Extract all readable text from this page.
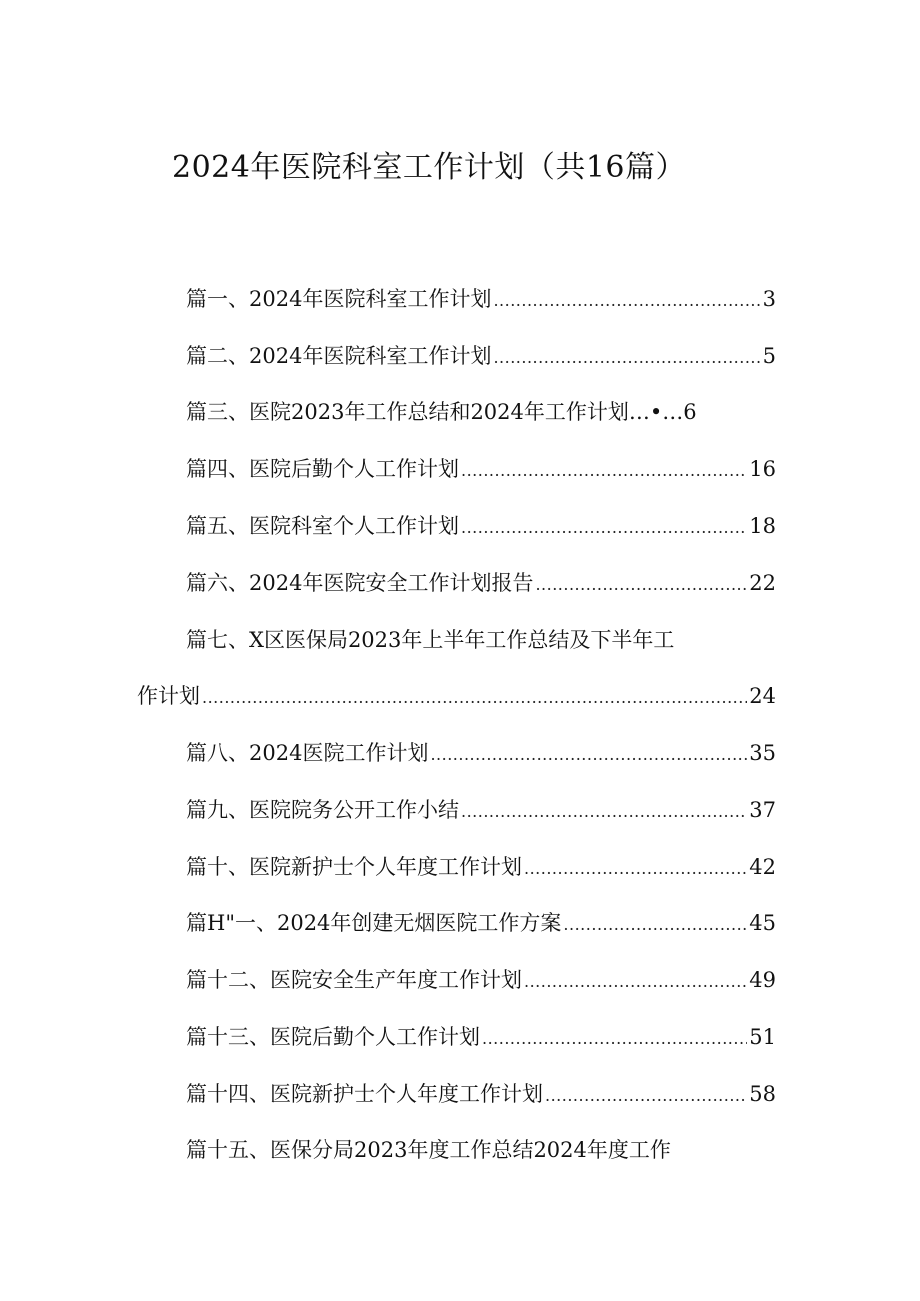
2024年医院科室工作计划（共16篇）
篇一、2024年医院科室工作计划 .....	3
篇二、2024年医院科室工作计划 .....	5
篇三、医院2023年工作总结和2024年工作计划…•…6
篇四、医院后勤个人工作计划 .....	16
篇五、医院科室个人工作计划 .....	18
篇六、2024年医院安全工作计划报告 .....	22
篇七、X区医保局2023年上半年工作总结及下半年工
作计划 .....	24
篇八、2024医院工作计划 .....	35
篇九、医院院务公开工作小结 .....	37
篇十、医院新护士个人年度工作计划 .....	42
篇H"一、2024年创建无烟医院工作方案 .....	45
篇十二、医院安全生产年度工作计划 .....	49
篇十三、医院后勤个人工作计划 .....	51
篇十四、医院新护士个人年度工作计划 .....	58
篇十五、医保分局2023年度工作总结2024年度工作
